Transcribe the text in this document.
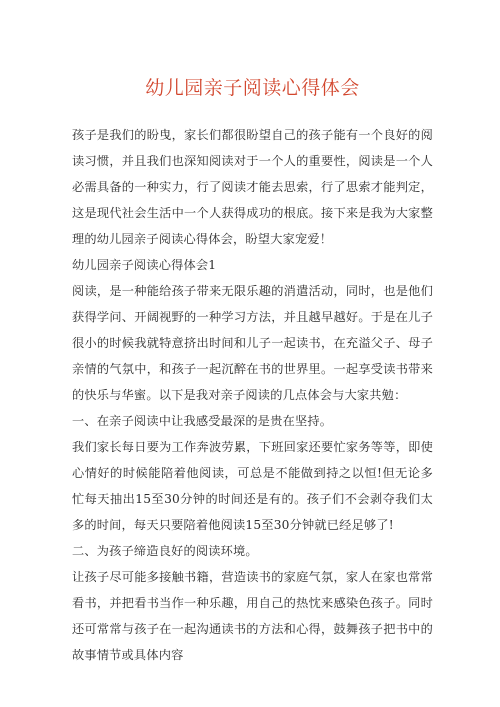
幼儿园亲子阅读心得体会

孩子是我们的盼曳，家长们都很盼望自己的孩子能有一个良好的阅读习惯，并且我们也深知阅读对于一个人的重要性，阅读是一个人必需具备的一种实力，行了阅读才能去思索，行了思索才能判定，这是现代社会生活中一个人获得成功的根底。接下来是我为大家整理的幼儿园亲子阅读心得体会，盼望大家宠爱！

幼儿园亲子阅读心得体会1

阅读，是一种能给孩子带来无限乐趣的消遣活动，同时，也是他们获得学问、开阔视野的一种学习方法，并且越早越好。于是在儿子很小的时候我就特意挤出时间和儿子一起读书，在充溢父子、母子亲情的气氛中，和孩子一起沉醉在书的世界里。一起享受读书带来的快乐与华蜜。以下是我对亲子阅读的几点体会与大家共勉：

一、在亲子阅读中让我感受最深的是贵在坚持。

我们家长每日要为工作奔波劳累，下班回家还要忙家务等等，即使心情好的时候能陪着他阅读，可总是不能做到持之以恒!但无论多忙每天抽出15至30分钟的时间还是有的。孩子们不会剥夺我们太多的时间，每天只要陪着他阅读15至30分钟就已经足够了!

二、为孩子缔造良好的阅读环境。

让孩子尽可能多接触书籍，营造读书的家庭气氛，家人在家也常常看书，并把看书当作一种乐趣，用自己的热忱来感染色孩子。同时还可常常与孩子在一起沟通读书的方法和心得，鼓舞孩子把书中的故事情节或具体内容
